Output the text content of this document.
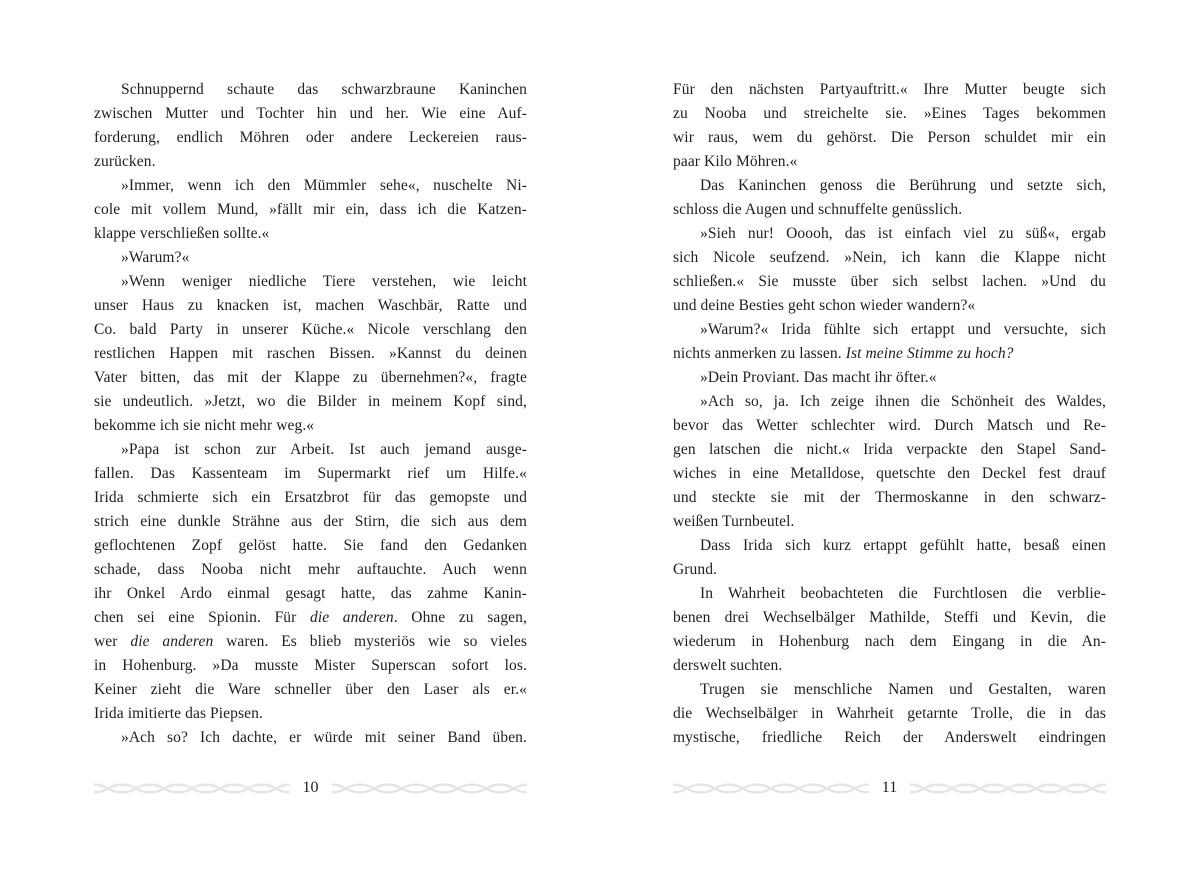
Schnuppernd schaute das schwarzbraune Kaninchen
zwischen Mutter und Tochter hin und her. Wie eine Auf-
forderung, endlich Möhren oder andere Leckereien raus-
zurücken.
»Immer, wenn ich den Mümmler sehe«, nuschelte Ni-
cole mit vollem Mund, »fällt mir ein, dass ich die Katzen-
klappe verschließen sollte.«
»Warum?«
»Wenn weniger niedliche Tiere verstehen, wie leicht
unser Haus zu knacken ist, machen Waschbär, Ratte und
Co. bald Party in unserer Küche.« Nicole verschlang den
restlichen Happen mit raschen Bissen. »Kannst du deinen
Vater bitten, das mit der Klappe zu übernehmen?«, fragte
sie undeutlich. »Jetzt, wo die Bilder in meinem Kopf sind,
bekomme ich sie nicht mehr weg.«
»Papa ist schon zur Arbeit. Ist auch jemand ausge-
fallen. Das Kassenteam im Supermarkt rief um Hilfe.«
Irida schmierte sich ein Ersatzbrot für das gemopste und
strich eine dunkle Strähne aus der Stirn, die sich aus dem
geflochtenen Zopf gelöst hatte. Sie fand den Gedanken
schade, dass Nooba nicht mehr auftauchte. Auch wenn
ihr Onkel Ardo einmal gesagt hatte, das zahme Kanin-
chen sei eine Spionin. Für die anderen. Ohne zu sagen,
wer die anderen waren. Es blieb mysteriös wie so vieles
in Hohenburg. »Da musste Mister Superscan sofort los.
Keiner zieht die Ware schneller über den Laser als er.«
Irida imitierte das Piepsen.
»Ach so? Ich dachte, er würde mit seiner Band üben.
10
Für den nächsten Partyauftritt.« Ihre Mutter beugte sich
zu Nooba und streichelte sie. »Eines Tages bekommen
wir raus, wem du gehörst. Die Person schuldet mir ein
paar Kilo Möhren.«
Das Kaninchen genoss die Berührung und setzte sich,
schloss die Augen und schnuffelte genüsslich.
»Sieh nur! Ooooh, das ist einfach viel zu süß«, ergab
sich Nicole seufzend. »Nein, ich kann die Klappe nicht
schließen.« Sie musste über sich selbst lachen. »Und du
und deine Besties geht schon wieder wandern?«
»Warum?« Irida fühlte sich ertappt und versuchte, sich
nichts anmerken zu lassen. Ist meine Stimme zu hoch?
»Dein Proviant. Das macht ihr öfter.«
»Ach so, ja. Ich zeige ihnen die Schönheit des Waldes,
bevor das Wetter schlechter wird. Durch Matsch und Re-
gen latschen die nicht.« Irida verpackte den Stapel Sand-
wiches in eine Metalldose, quetschte den Deckel fest drauf
und steckte sie mit der Thermoskanne in den schwarz-
weißen Turnbeutel.
Dass Irida sich kurz ertappt gefühlt hatte, besaß einen
Grund.
In Wahrheit beobachteten die Furchtlosen die verblie-
benen drei Wechselbälger Mathilde, Steffi und Kevin, die
wiederum in Hohenburg nach dem Eingang in die An-
derswelt suchten.
Trugen sie menschliche Namen und Gestalten, waren
die Wechselbälger in Wahrheit getarnte Trolle, die in das
mystische, friedliche Reich der Anderswelt eindringen
11
